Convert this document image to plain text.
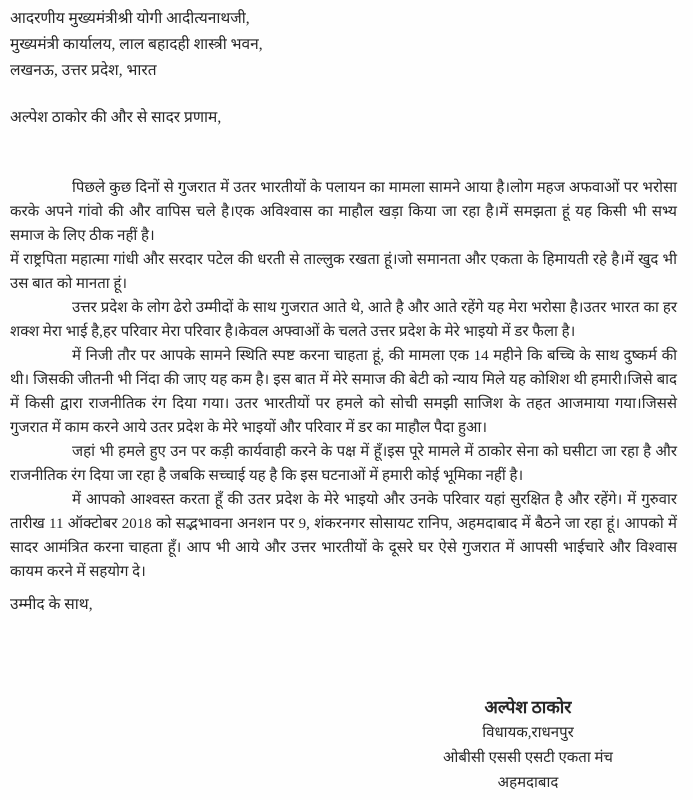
आदरणीय मुख्यमंत्रीश्री योगी आदीत्यनाथजी,
मुख्यमंत्री कार्यालय, लाल बहादही शास्त्री भवन,
लखनऊ, उत्तर प्रदेश, भारत
अल्पेश ठाकोर की और से सादर प्रणाम,

पिछले कुछ दिनों से गुजरात में उतर भारतीयों के पलायन का मामला सामने आया है।लोग महज अफवाओं पर भरोसा करके अपने गांवो की और वापिस चले है।एक अविश्वास का माहौल खड़ा किया जा रहा है।में समझता हूं यह किसी भी सभ्य समाज के लिए ठीक नहीं है।

में राष्ट्रपिता महात्मा गांधी और सरदार पटेल की धरती से ताल्लुक रखता हूं।जो समानता और एकता के हिमायती रहे है।में खुद भी उस बात को मानता हूं।

उत्तर प्रदेश के लोग ढेरो उम्मीदों के साथ गुजरात आते थे, आते है और आते रहेंगे यह मेरा भरोसा है।उतर भारत का हर शक्श मेरा भाई है,हर परिवार मेरा परिवार है।केवल अफ्वाओं के चलते उत्तर प्रदेश के मेरे भाइयो में डर फैला है।

में निजी तौर पर आपके सामने स्थिति स्पष्ट करना चाहता हूं, की मामला एक 14 महीने कि बच्चि के साथ दुष्कर्म की थी। जिसकी जीतनी भी निंदा की जाए यह कम है। इस बात में मेरे समाज की बेटी को न्याय मिले यह कोशिश थी हमारी।जिसे बाद में किसी द्वारा राजनीतिक रंग दिया गया। उतर भारतीयों पर हमले को सोची समझी साजिश के तहत आजमाया गया।जिससे गुजरात में काम करने आये उतर प्रदेश के मेरे भाइयों और परिवार में डर का माहौल पैदा हुआ।

जहां भी हमले हुए उन पर कड़ी कार्यवाही करने के पक्ष में हूँ।इस पूरे मामले में ठाकोर सेना को घसीटा जा रहा है और राजनीतिक रंग दिया जा रहा है जबकि सच्चाई यह है कि इस घटनाओं में हमारी कोई भूमिका नहीं है।

में आपको आश्वस्त करता हूँ की उतर प्रदेश के मेरे भाइयो और उनके परिवार यहां सुरक्षित है और रहेंगे। में गुरुवार तारीख 11 ऑक्टोबर 2018 को सद्भभावना अनशन पर 9, शंकरनगर सोसायट रानिप, अहमदाबाद में बैठने जा रहा हूं। आपको में सादर आमंत्रित करना चाहता हूँ। आप भी आये और उत्तर भारतीयों के दूसरे घर ऐसे गुजरात में आपसी भाईचारे और विश्वास कायम करने में सहयोग दे।

उम्मीद के साथ,
अल्पेश ठाकोर
विधायक,राधनपुर
ओबीसी एससी एसटी एकता मंच
अहमदाबाद
